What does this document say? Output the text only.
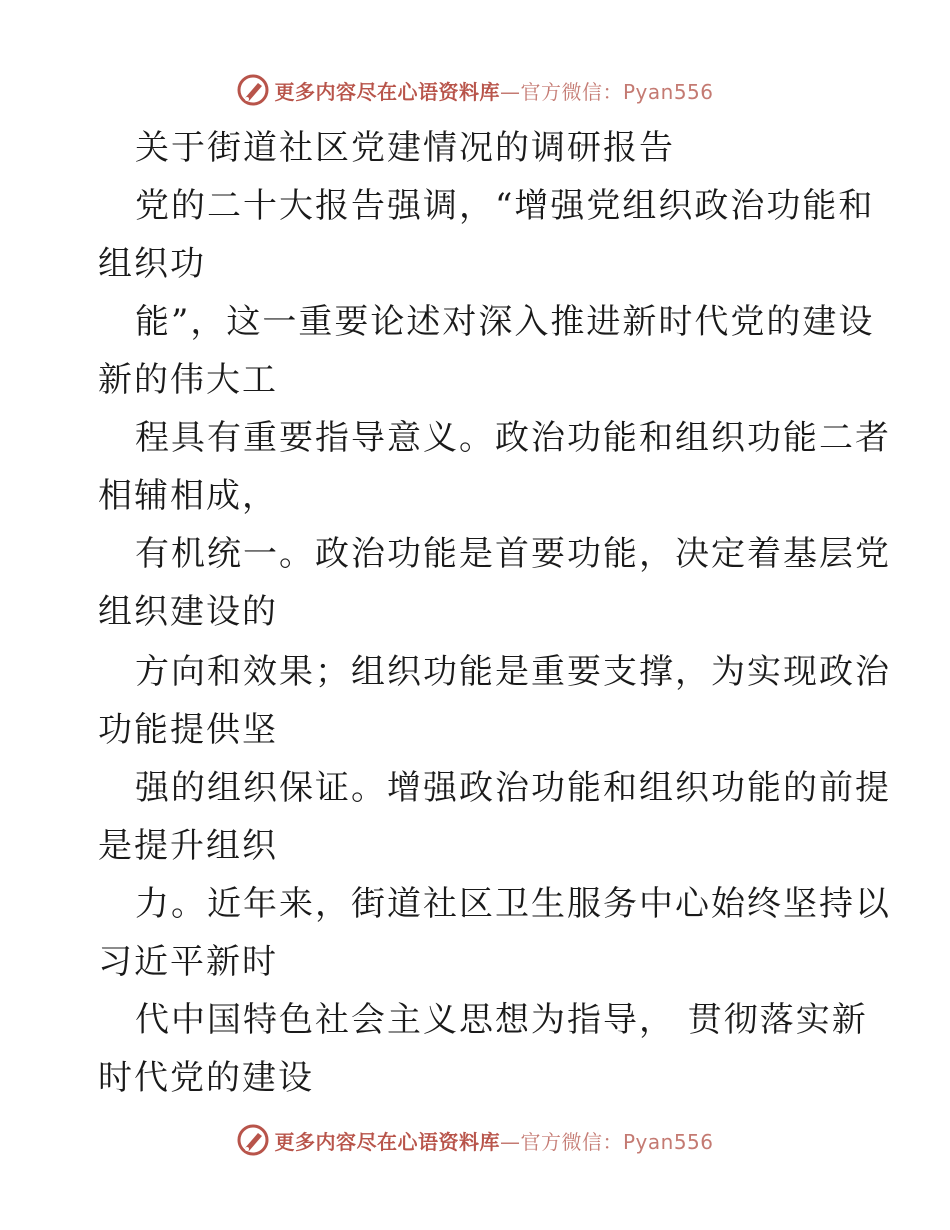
更多内容尽在心语资料库—官方微信：Pyan556
关于街道社区党建情况的调研报告
党的二十大报告强调，“增强党组织政治功能和
组织功
能”，这一重要论述对深入推进新时代党的建设
新的伟大工
程具有重要指导意义。政治功能和组织功能二者
相辅相成，
有机统一。政治功能是首要功能，决定着基层党
组织建设的
方向和效果；组织功能是重要支撑，为实现政治
功能提供坚
强的组织保证。增强政治功能和组织功能的前提
是提升组织
力。近年来，街道社区卫生服务中心始终坚持以
习近平新时
代中国特色社会主义思想为指导， 贯彻落实新
时代党的建设
更多内容尽在心语资料库—官方微信：Pyan556
